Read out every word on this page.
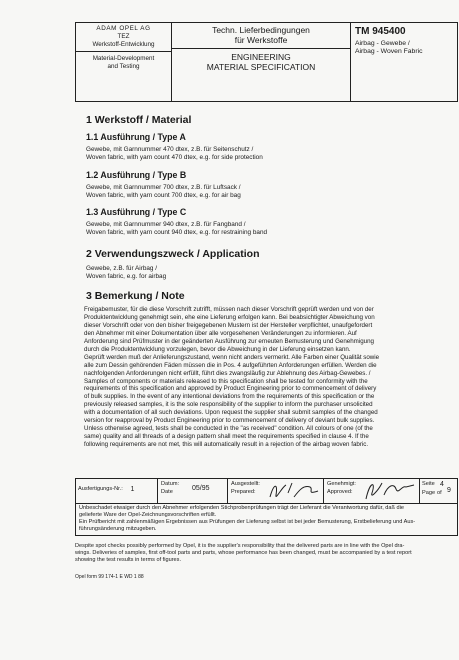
ADAM OPEL AG
TEZ
Werkstoff-Entwicklung
Material-Development
and Testing
Techn. Lieferbedingungen
für Werkstoffe
ENGINEERING
MATERIAL SPECIFICATION
TM 945400
Airbag - Gewebe /
Airbag - Woven Fabric
1 Werkstoff / Material
1.1 Ausführung / Type A

Gewebe, mit Garnnummer 470 dtex, z.B. für Seitenschutz /

Woven fabric, with yarn count 470 dtex, e.g. for side protection

1.2 Ausführung / Type B

Gewebe, mit Garnnummer 700 dtex, z.B. für Luftsack /

Woven fabric, with yarn count 700 dtex, e.g. for air bag

1.3 Ausführung / Type C

Gewebe, mit Garnnummer 940 dtex, z.B. für Fangband /

Woven fabric, with yarn count 940 dtex, e.g. for restraining band

2 Verwendungszweck / Application

Gewebe, z.B. für Airbag /

Woven fabric, e.g. for airbag

3 Bemerkung / Note

Freigabemuster, für die diese Vorschrift zutrifft, müssen nach dieser Vorschrift geprüft werden und von der

Produktentwicklung genehmigt sein, ehe eine Lieferung erfolgen kann. Bei beabsichtigter Abweichung von

dieser Vorschrift oder von den bisher freigegebenen Mustern ist der Hersteller verpflichtet, unaufgefordert

den Abnehmer mit einer Dokumentation über alle vorgesehenen Veränderungen zu informieren. Auf

Anforderung sind Prüfmuster in der geänderten Ausführung zur erneuten Bemusterung und Genehmigung

durch die Produktentwicklung vorzulegen, bevor die Abweichung in der Lieferung einsetzen kann.

Geprüft werden muß der Anlieferungszustand, wenn nicht anders vermerkt. Alle Farben einer Qualität sowie

alle zum Dessin gehörenden Fäden müssen die in Pos. 4 aufgeführten Anforderungen erfüllen. Werden die

nachfolgenden Anforderungen nicht erfüllt, führt dies zwangsläufig zur Ablehnung des Airbag-Gewebes. /

Samples of components or materials released to this specification shall be tested for conformity with the

requirements of this specification and approved by Product Engineering prior to commencement of delivery

of bulk supplies. In the event of any intentional deviations from the requirements of this specification or the

previously released samples, it is the sole responsibility of the supplier to inform the purchaser unsolicited

with a documentation of all such deviations. Upon request the supplier shall submit samples of the changed

version for reapproval by Product Engineering prior to commencement of delivery of deviant bulk supplies.

Unless otherwise agreed, tests shall be conducted in the "as received" condition. All colours of one (of the

same) quality and all threads of a design pattern shall meet the requirements specified in clause 4. If the

following requirements are not met, this will automatically result in a rejection of the airbag woven fabric.

Ausfertigungs-Nr.: 1
Datum:
Date	05/95
Ausgestellt:
Prepared:
Genehmigt:
Approved:
Seite 4
Page of 9

Unbeschadet etwaiger durch den Abnehmer erfolgenden Stichprobenprüfungen trägt der Lieferant die Verantwortung dafür, daß die

gelieferte Ware der Opel-Zeichnungsvorschriften erfüllt.

Ein Prüfbericht mit zahlenmäßigen Ergebnissen aus Prüfungen der Lieferung selbst ist bei jeder Bemusterung, Erstbelieferung und Aus-

führungsänderung mitzugeben.

Despite spot checks possibly performed by Opel, it is the supplier's responsibility that the delivered parts are in line with the Opel dra-

wings. Deliveries of samples, first off-tool parts and parts, whose performance has been changed, must be accompanied by a test report

showing the test results in terms of figures.

Opel form 99 174-1 E WD 1 88
